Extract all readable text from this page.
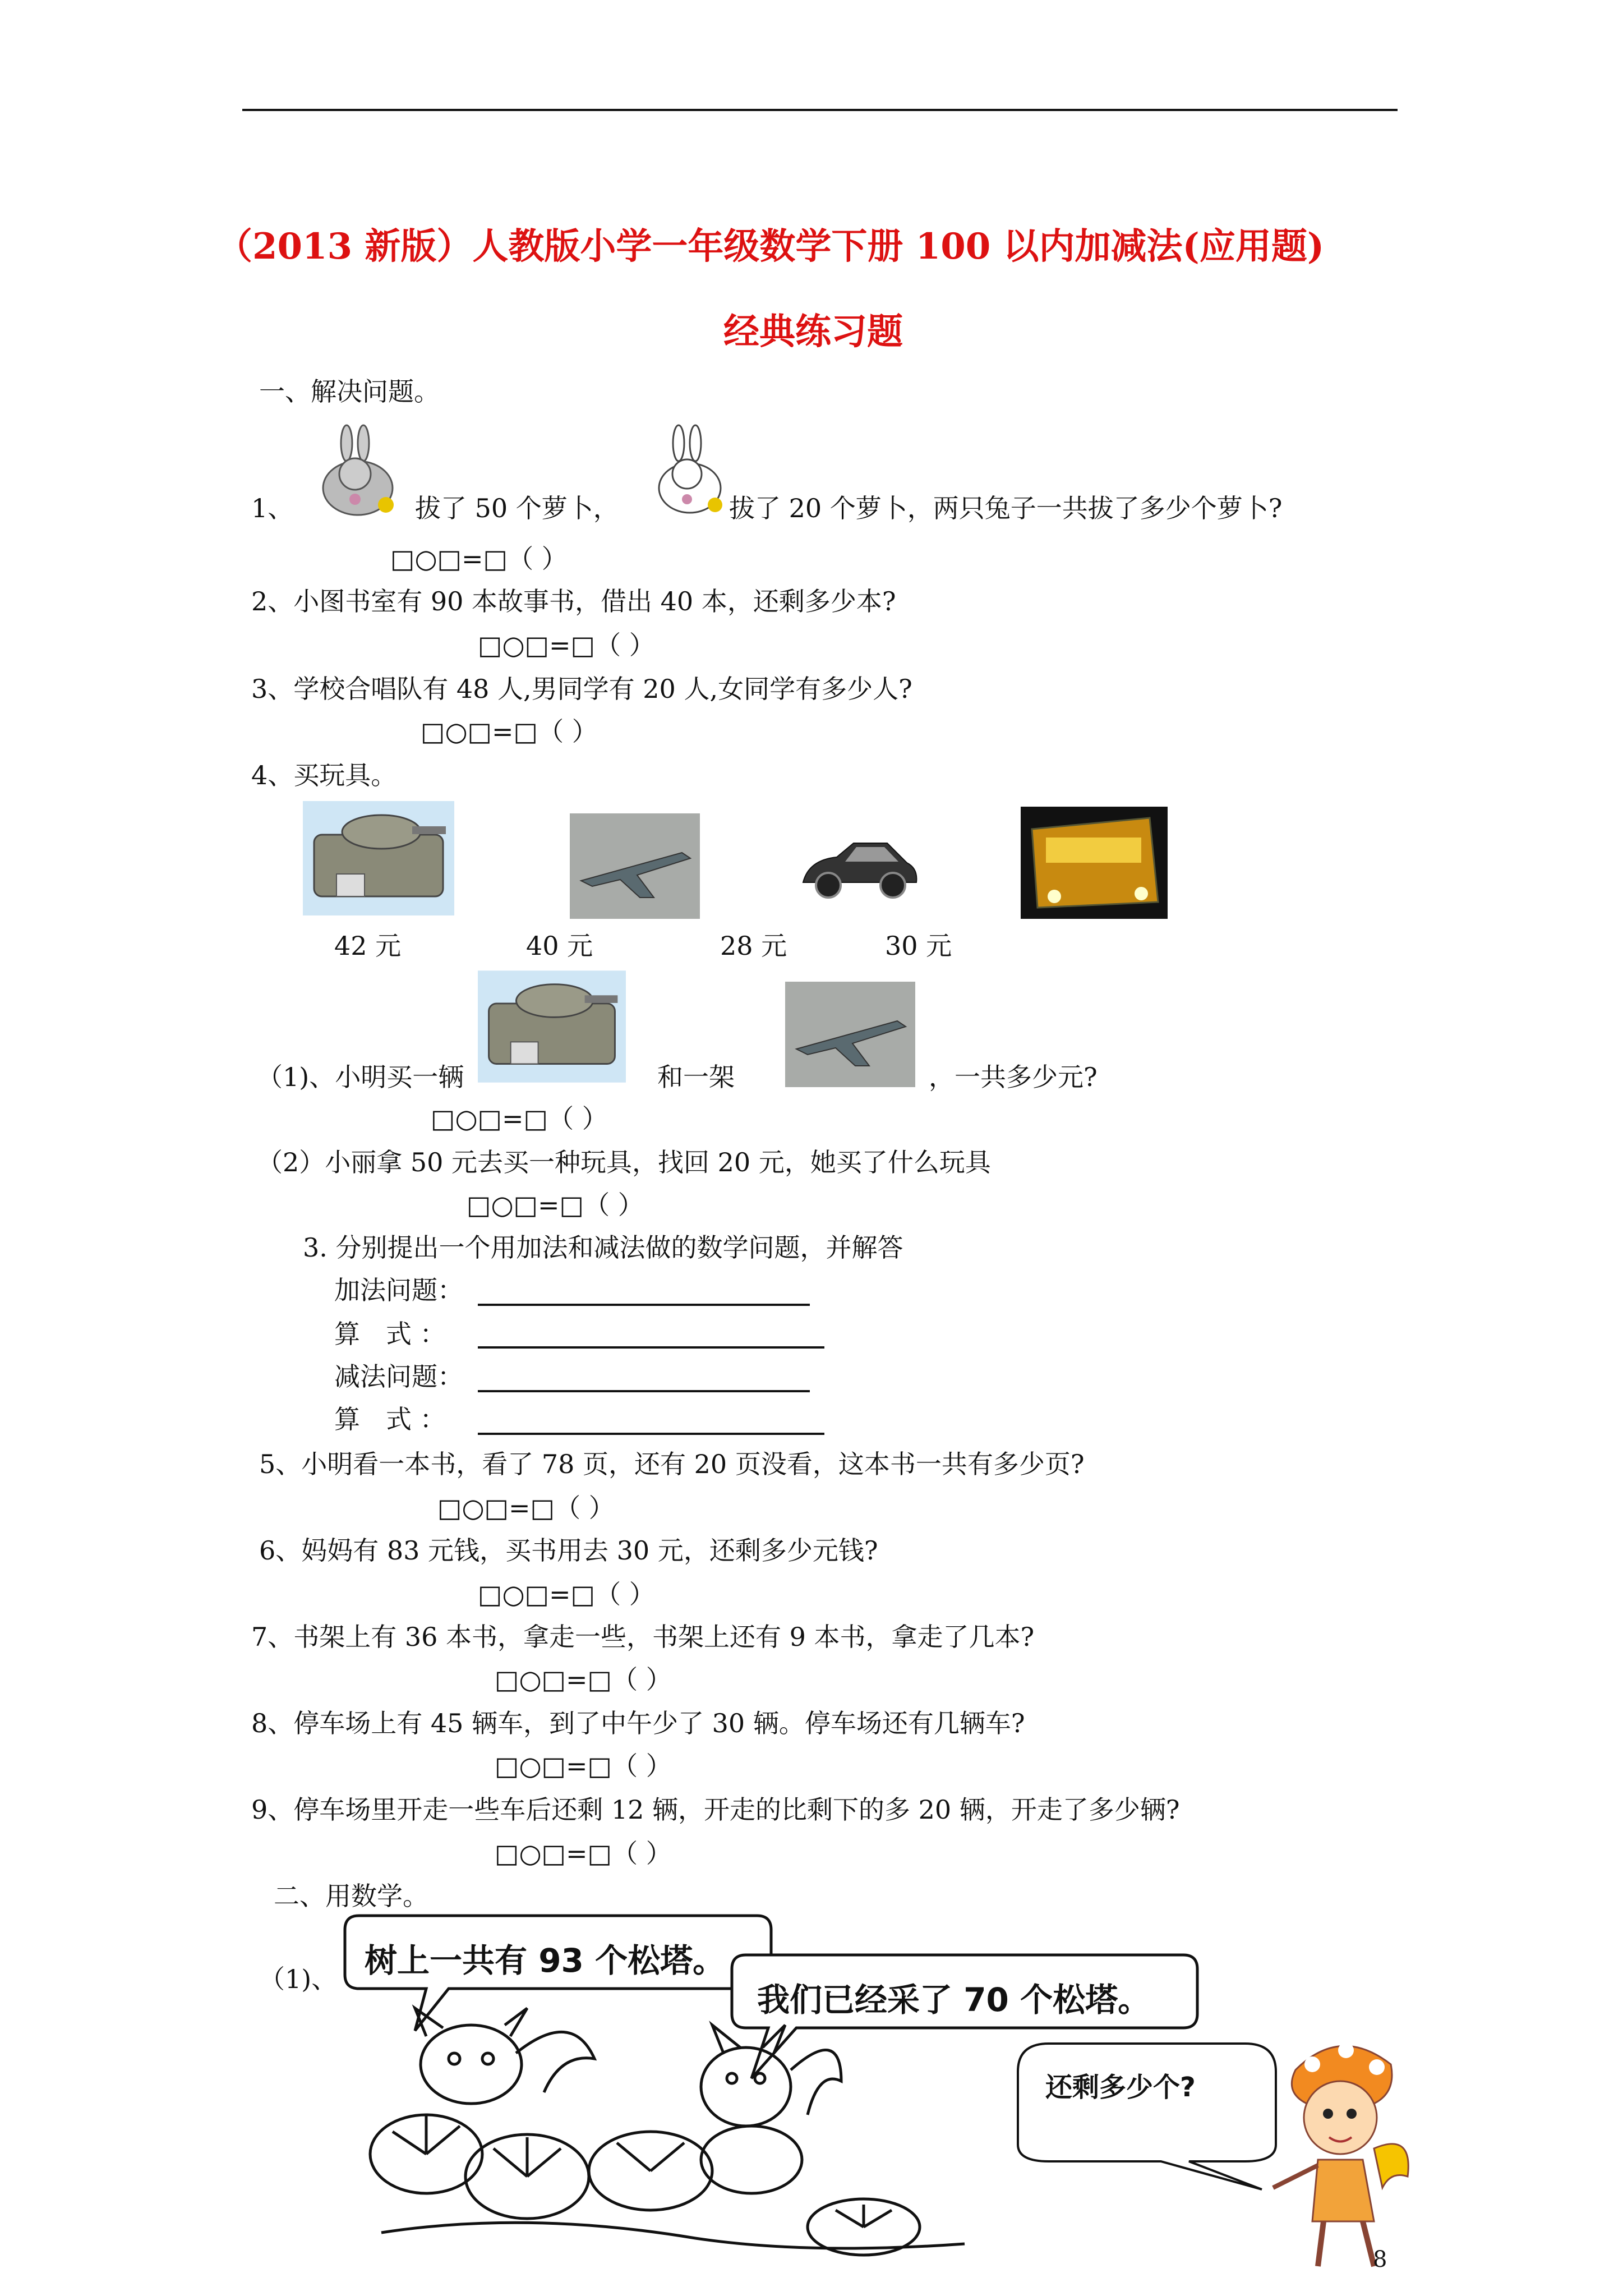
（2013 新版）人教版小学一年级数学下册 100 以内加减法(应用题)
经典练习题
一、解决问题。
1、	拔了 50 个萝卜，	拔了 20 个萝卜，两只兔子一共拔了多少个萝卜?
□○□=□（ ）
2、小图书室有 90 本故事书，借出 40 本，还剩多少本?
□○□=□（ ）
3、学校合唱队有 48 人,男同学有 20 人,女同学有多少人?
□○□=□（ ）
4、买玩具。
42 元	40 元	28 元	30 元
（1)、小明买一辆	和一架	，一共多少元?
□○□=□（ ）
（2）小丽拿 50 元去买一种玩具，找回 20 元，她买了什么玩具
□○□=□（ ）
3. 分别提出一个用加法和减法做的数学问题，并解答
加法问题：
算　式 ：
减法问题：
算　式 ：
5、小明看一本书，看了 78 页，还有 20 页没看，这本书一共有多少页?
□○□=□（ ）
6、妈妈有 83 元钱，买书用去 30 元，还剩多少元钱?
□○□=□（ ）
7、书架上有 36 本书，拿走一些，书架上还有 9 本书，拿走了几本?
□○□=□（ ）
8、停车场上有 45 辆车，到了中午少了 30 辆。停车场还有几辆车?
□○□=□（ ）
9、停车场里开走一些车后还剩 12 辆，开走的比剩下的多 20 辆，开走了多少辆?
□○□=□（ ）
二、用数学。
（1)、 树上一共有 93 个松塔。
我们已经采了 70 个松塔。
还剩多少个?
8
